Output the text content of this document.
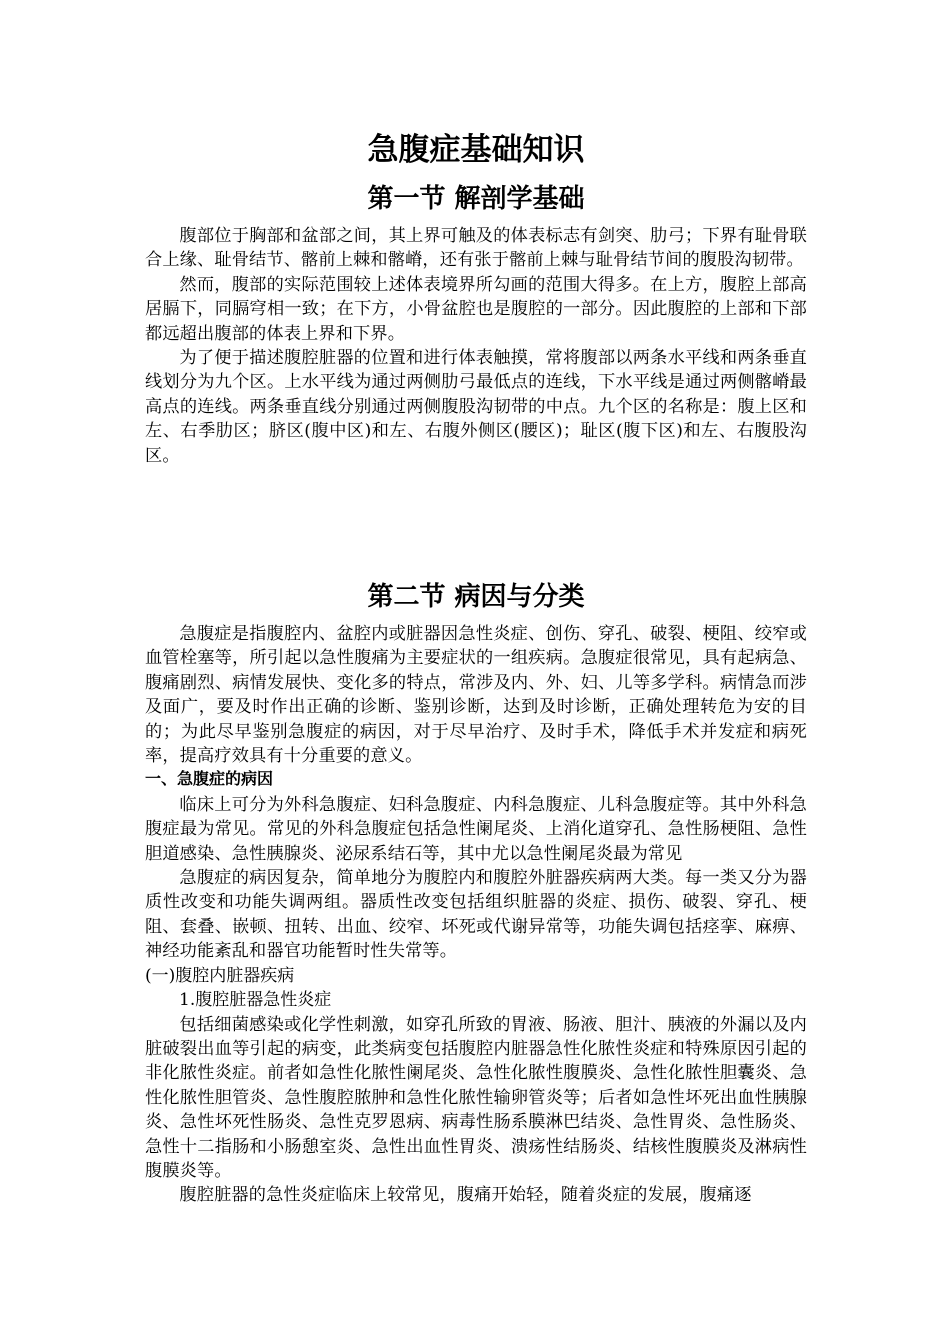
急腹症基础知识
第一节 解剖学基础

腹部位于胸部和盆部之间，其上界可触及的体表标志有剑突、肋弓；下界有耻骨联合上缘、耻骨结节、髂前上棘和髂嵴，还有张于髂前上棘与耻骨结节间的腹股沟韧带。

然而，腹部的实际范围较上述体表境界所勾画的范围大得多。在上方，腹腔上部高居膈下，同膈穹相一致；在下方，小骨盆腔也是腹腔的一部分。因此腹腔的上部和下部都远超出腹部的体表上界和下界。

为了便于描述腹腔脏器的位置和进行体表触摸，常将腹部以两条水平线和两条垂直线划分为九个区。上水平线为通过两侧肋弓最低点的连线，下水平线是通过两侧髂嵴最高点的连线。两条垂直线分别通过两侧腹股沟韧带的中点。九个区的名称是：腹上区和左、右季肋区；脐区(腹中区)和左、右腹外侧区(腰区)；耻区(腹下区)和左、右腹股沟区。

第二节 病因与分类

急腹症是指腹腔内、盆腔内或脏器因急性炎症、创伤、穿孔、破裂、梗阻、绞窄或血管栓塞等，所引起以急性腹痛为主要症状的一组疾病。急腹症很常见，具有起病急、腹痛剧烈、病情发展快、变化多的特点，常涉及内、外、妇、儿等多学科。病情急而涉及面广，要及时作出正确的诊断、鉴别诊断，达到及时诊断，正确处理转危为安的目的；为此尽早鉴别急腹症的病因，对于尽早治疗、及时手术，降低手术并发症和病死率，提高疗效具有十分重要的意义。

一、急腹症的病因

临床上可分为外科急腹症、妇科急腹症、内科急腹症、儿科急腹症等。其中外科急腹症最为常见。常见的外科急腹症包括急性阑尾炎、上消化道穿孔、急性肠梗阻、急性胆道感染、急性胰腺炎、泌尿系结石等，其中尤以急性阑尾炎最为常见

急腹症的病因复杂，简单地分为腹腔内和腹腔外脏器疾病两大类。每一类又分为器质性改变和功能失调两组。器质性改变包括组织脏器的炎症、损伤、破裂、穿孔、梗阻、套叠、嵌顿、扭转、出血、绞窄、坏死或代谢异常等，功能失调包括痉挛、麻痹、神经功能紊乱和器官功能暂时性失常等。

(一)腹腔内脏器疾病

1.腹腔脏器急性炎症

包括细菌感染或化学性刺激，如穿孔所致的胃液、肠液、胆汁、胰液的外漏以及内脏破裂出血等引起的病变，此类病变包括腹腔内脏器急性化脓性炎症和特殊原因引起的非化脓性炎症。前者如急性化脓性阑尾炎、急性化脓性腹膜炎、急性化脓性胆囊炎、急性化脓性胆管炎、急性腹腔脓肿和急性化脓性输卵管炎等；后者如急性坏死出血性胰腺炎、急性坏死性肠炎、急性克罗恩病、病毒性肠系膜淋巴结炎、急性胃炎、急性肠炎、急性十二指肠和小肠憩室炎、急性出血性胃炎、溃疡性结肠炎、结核性腹膜炎及淋病性腹膜炎等。

腹腔脏器的急性炎症临床上较常见，腹痛开始轻，随着炎症的发展，腹痛逐
